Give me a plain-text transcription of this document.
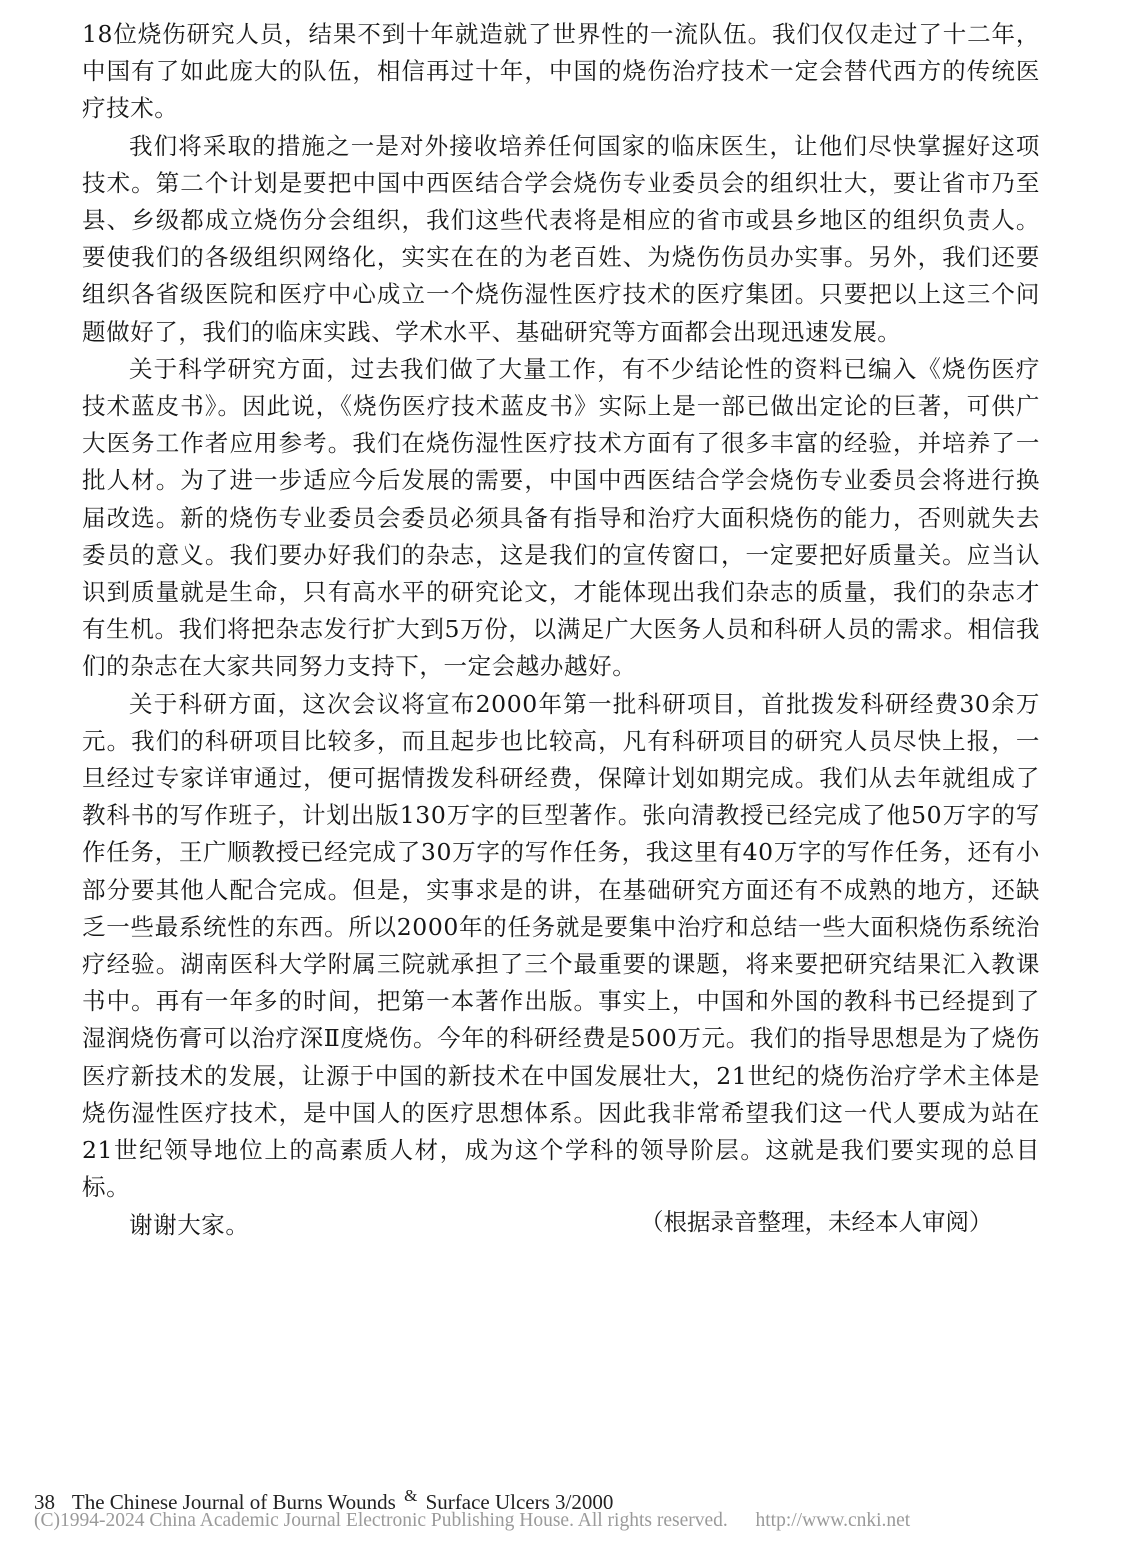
18位烧伤研究人员，结果不到十年就造就了世界性的一流队伍。我们仅仅走过了十二年，中国有了如此庞大的队伍，相信再过十年，中国的烧伤治疗技术一定会替代西方的传统医疗技术。

我们将采取的措施之一是对外接收培养任何国家的临床医生，让他们尽快掌握好这项技术。第二个计划是要把中国中西医结合学会烧伤专业委员会的组织壮大，要让省市乃至县、乡级都成立烧伤分会组织，我们这些代表将是相应的省市或县乡地区的组织负责人。要使我们的各级组织网络化，实实在在的为老百姓、为烧伤伤员办实事。另外，我们还要组织各省级医院和医疗中心成立一个烧伤湿性医疗技术的医疗集团。只要把以上这三个问题做好了，我们的临床实践、学术水平、基础研究等方面都会出现迅速发展。

关于科学研究方面，过去我们做了大量工作，有不少结论性的资料已编入《烧伤医疗技术蓝皮书》。因此说，《烧伤医疗技术蓝皮书》实际上是一部已做出定论的巨著，可供广大医务工作者应用参考。我们在烧伤湿性医疗技术方面有了很多丰富的经验，并培养了一批人材。为了进一步适应今后发展的需要，中国中西医结合学会烧伤专业委员会将进行换届改选。新的烧伤专业委员会委员必须具备有指导和治疗大面积烧伤的能力，否则就失去委员的意义。我们要办好我们的杂志，这是我们的宣传窗口，一定要把好质量关。应当认识到质量就是生命，只有高水平的研究论文，才能体现出我们杂志的质量，我们的杂志才有生机。我们将把杂志发行扩大到5万份，以满足广大医务人员和科研人员的需求。相信我们的杂志在大家共同努力支持下，一定会越办越好。

关于科研方面，这次会议将宣布2000年第一批科研项目，首批拨发科研经费30余万元。我们的科研项目比较多，而且起步也比较高，凡有科研项目的研究人员尽快上报，一旦经过专家详审通过，便可据情拨发科研经费，保障计划如期完成。我们从去年就组成了教科书的写作班子，计划出版130万字的巨型著作。张向清教授已经完成了他50万字的写作任务，王广顺教授已经完成了30万字的写作任务，我这里有40万字的写作任务，还有小部分要其他人配合完成。但是，实事求是的讲，在基础研究方面还有不成熟的地方，还缺乏一些最系统性的东西。所以2000年的任务就是要集中治疗和总结一些大面积烧伤系统治疗经验。湖南医科大学附属三院就承担了三个最重要的课题，将来要把研究结果汇入教课书中。再有一年多的时间，把第一本著作出版。事实上，中国和外国的教科书已经提到了湿润烧伤膏可以治疗深Ⅱ度烧伤。今年的科研经费是500万元。我们的指导思想是为了烧伤医疗新技术的发展，让源于中国的新技术在中国发展壮大，21世纪的烧伤治疗学术主体是烧伤湿性医疗技术，是中国人的医疗思想体系。因此我非常希望我们这一代人要成为站在21世纪领导地位上的高素质人材，成为这个学科的领导阶层。这就是我们要实现的总目标。

谢谢大家。	（根据录音整理，未经本人审阅）
38 The Chinese Journal of Burns Wounds & Surface Ulcers 3/2000
(C)1994-2024 China Academic Journal Electronic Publishing House. All rights reserved. http://www.cnki.net
